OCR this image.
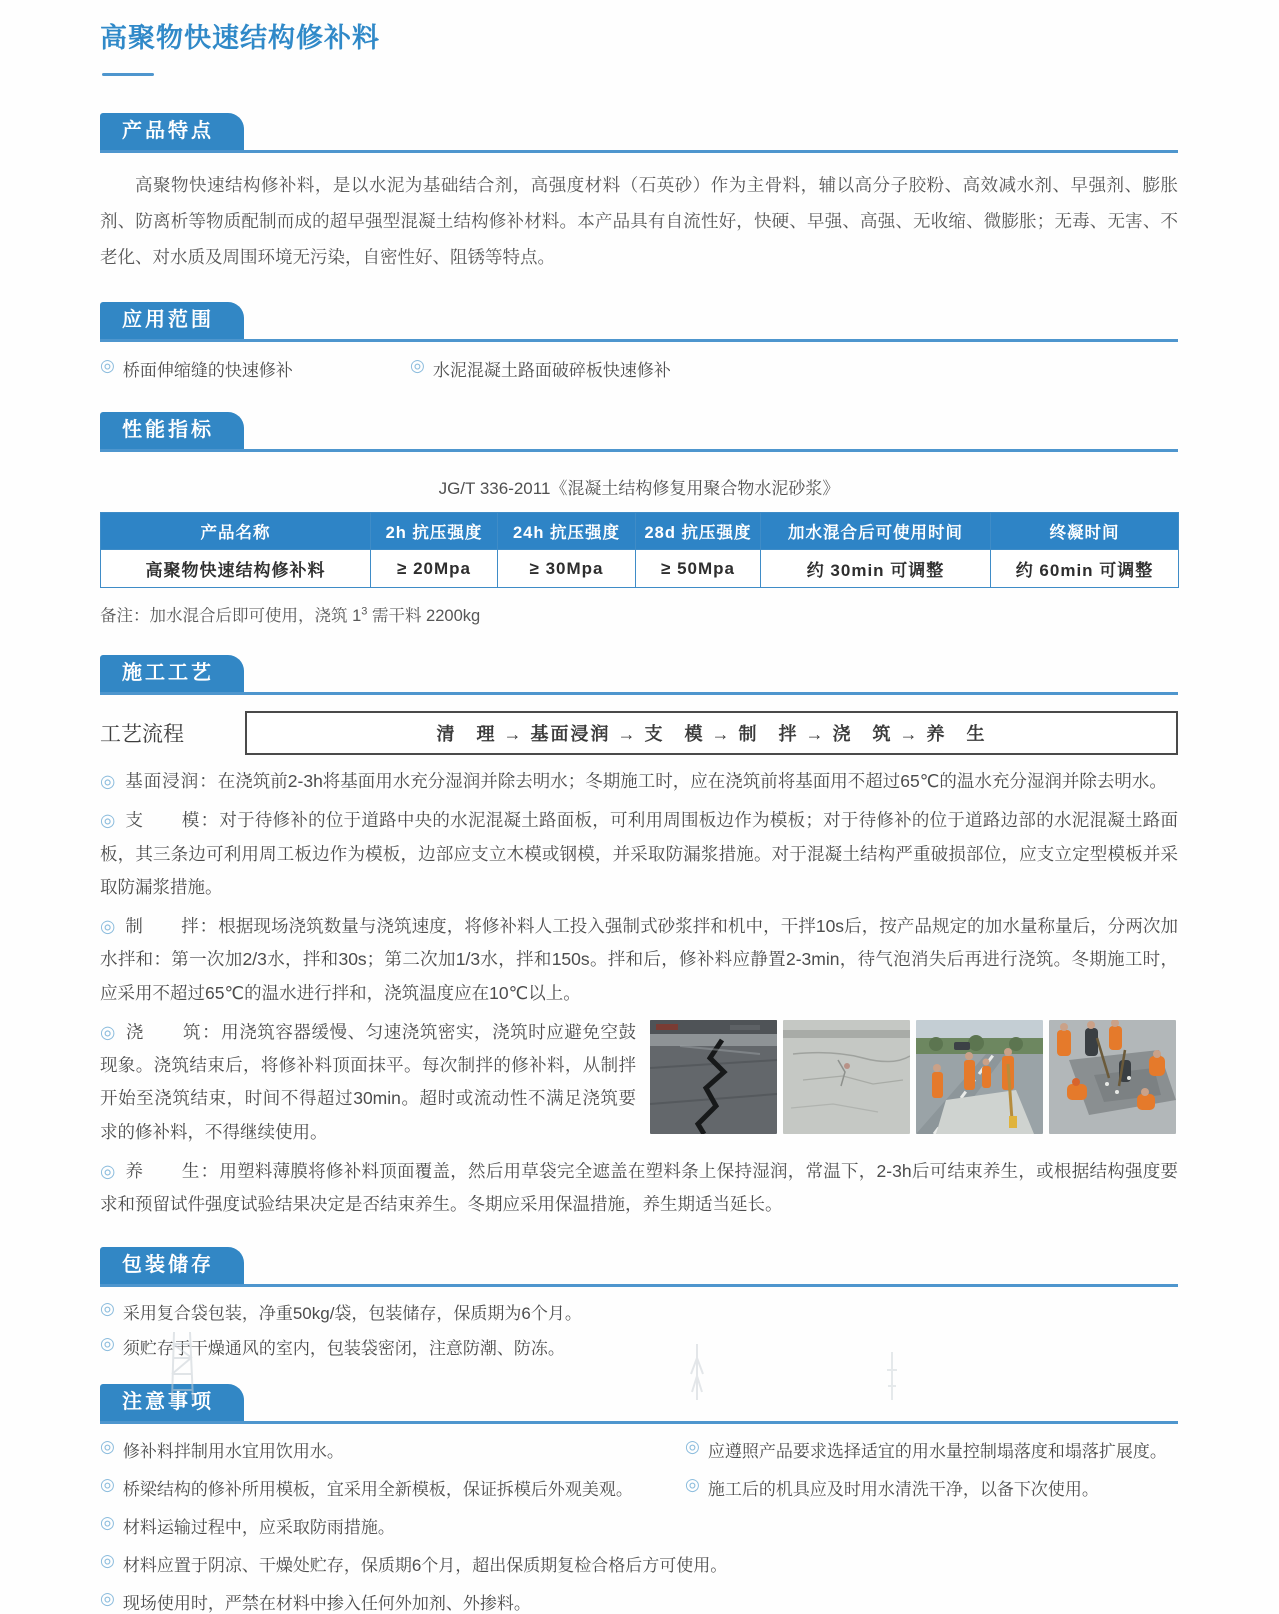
高聚物快速结构修补料
产品特点

高聚物快速结构修补料，是以水泥为基础结合剂，高强度材料（石英砂）作为主骨料，辅以高分子胶粉、高效减水剂、早强剂、膨胀剂、防离析等物质配制而成的超早强型混凝土结构修补材料。本产品具有自流性好，快硬、早强、高强、无收缩、微膨胀；无毒、无害、不老化、对水质及周围环境无污染，自密性好、阻锈等特点。

应用范围
◎ 桥面伸缩缝的快速修补	◎ 水泥混凝土路面破碎板快速修补
性能指标
JG/T 336-2011《混凝土结构修复用聚合物水泥砂浆》
产品名称	2h 抗压强度	24h 抗压强度	28d 抗压强度	加水混合后可使用时间	终凝时间
高聚物快速结构修补料	≥ 20Mpa	≥ 30Mpa	≥ 50Mpa	约 30min 可调整	约 60min 可调整
备注：加水混合后即可使用，浇筑 $1^3$ 需干料 2200kg
施工工艺
工艺流程	清　理 → 基面浸润 → 支　模 → 制　拌 → 浇　筑 → 养　生

◎ 基面浸润：在浇筑前2-3h将基面用水充分湿润并除去明水；冬期施工时，应在浇筑前将基面用不超过65℃的温水充分湿润并除去明水。

◎ 支　　模：对于待修补的位于道路中央的水泥混凝土路面板，可利用周围板边作为模板；对于待修补的位于道路边部的水泥混凝土路面板，其三条边可利用周工板边作为模板，边部应支立木模或钢模，并采取防漏浆措施。对于混凝土结构严重破损部位，应支立定型模板并采取防漏浆措施。

◎ 制　　拌：根据现场浇筑数量与浇筑速度，将修补料人工投入强制式砂浆拌和机中，干拌10s后，按产品规定的加水量称量后，分两次加水拌和：第一次加2/3水，拌和30s；第二次加1/3水，拌和150s。拌和后，修补料应静置2-3min，待气泡消失后再进行浇筑。冬期施工时，应采用不超过65℃的温水进行拌和，浇筑温度应在10℃以上。

◎ 浇　　筑：用浇筑容器缓慢、匀速浇筑密实，浇筑时应避免空鼓现象。浇筑结束后，将修补料顶面抹平。每次制拌的修补料，从制拌开始至浇筑结束，时间不得超过30min。超时或流动性不满足浇筑要求的修补料，不得继续使用。

◎ 养　　生：用塑料薄膜将修补料顶面覆盖，然后用草袋完全遮盖在塑料条上保持湿润，常温下，2-3h后可结束养生，或根据结构强度要求和预留试件强度试验结果决定是否结束养生。冬期应采用保温措施，养生期适当延长。

包装储存
◎ 采用复合袋包装，净重50kg/袋，包装储存，保质期为6个月。
◎ 须贮存于干燥通风的室内，包装袋密闭，注意防潮、防冻。
注意事项
◎ 修补料拌制用水宜用饮用水。	◎ 应遵照产品要求选择适宜的用水量控制塌落度和塌落扩展度。
◎ 桥梁结构的修补所用模板，宜采用全新模板，保证拆模后外观美观。	◎ 施工后的机具应及时用水清洗干净，以备下次使用。
◎ 材料运输过程中，应采取防雨措施。
◎ 材料应置于阴凉、干燥处贮存，保质期6个月，超出保质期复检合格后方可使用。
◎ 现场使用时，严禁在材料中掺入任何外加剂、外掺料。
